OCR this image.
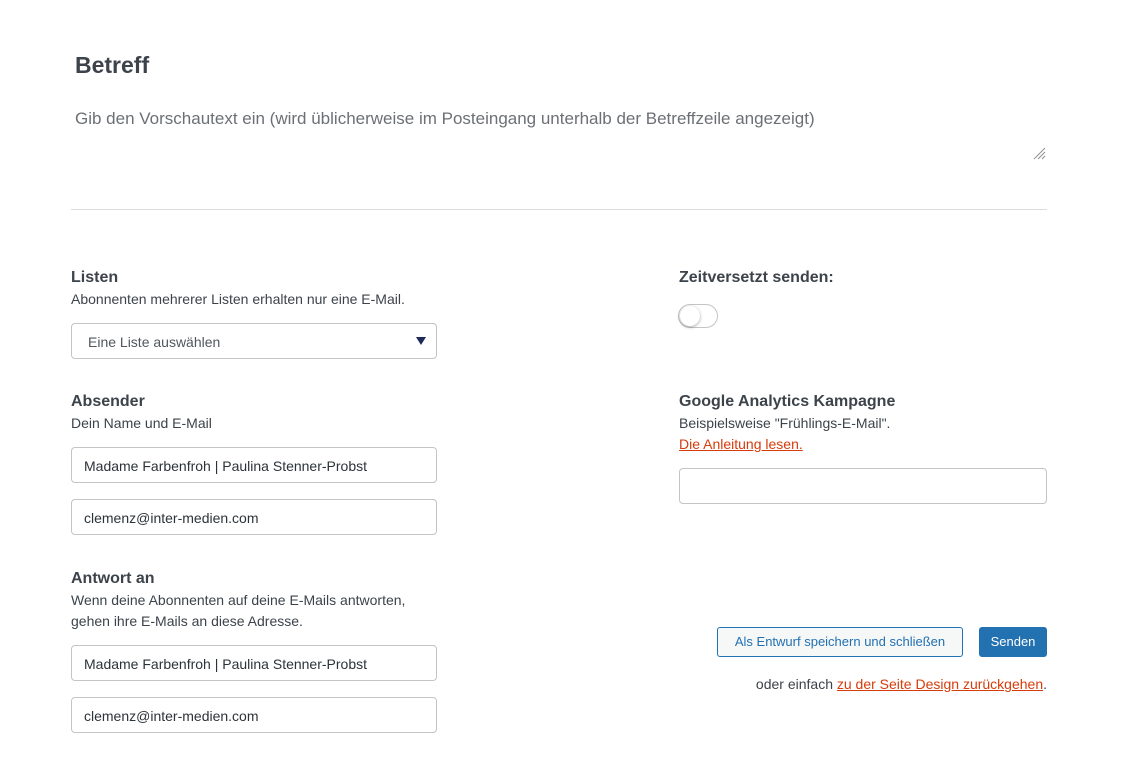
Betreff
Gib den Vorschautext ein (wird üblicherweise im Posteingang unterhalb der Betreffzeile angezeigt)
Listen
Abonnenten mehrerer Listen erhalten nur eine E-Mail.
Eine Liste auswählen
Absender
Dein Name und E-Mail
Madame Farbenfroh | Paulina Stenner-Probst
clemenz@inter-medien.com
Antwort an
Wenn deine Abonnenten auf deine E-Mails antworten,
gehen ihre E-Mails an diese Adresse.
Madame Farbenfroh | Paulina Stenner-Probst
clemenz@inter-medien.com
Zeitversetzt senden:
Google Analytics Kampagne
Beispielsweise "Frühlings-E-Mail".
Die Anleitung lesen.
Als Entwurf speichern und schließen	Senden
oder einfach zu der Seite Design zurückgehen.
